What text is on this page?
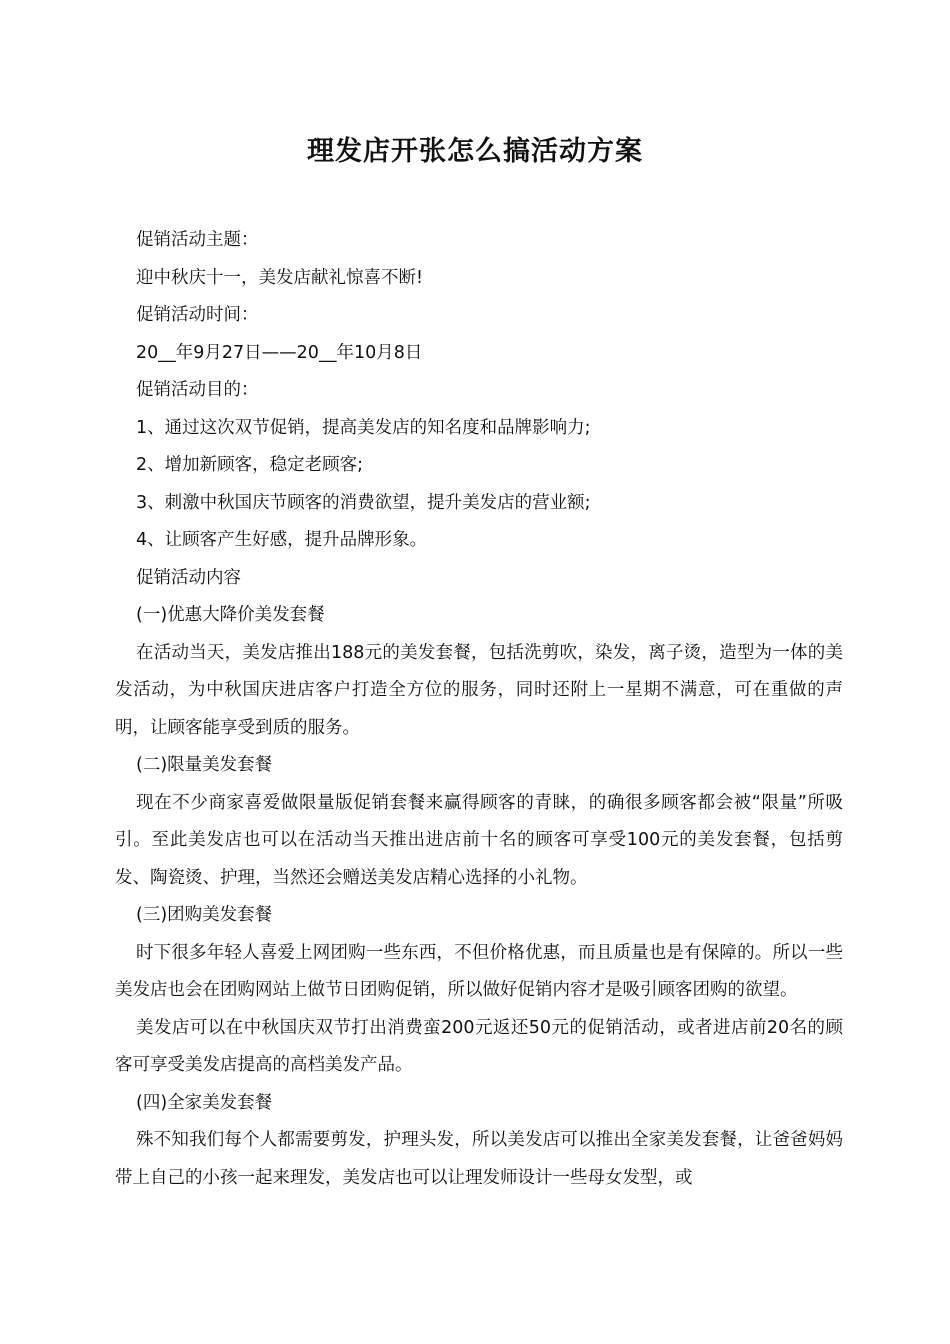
理发店开张怎么搞活动方案

促销活动主题：

迎中秋庆十一，美发店献礼惊喜不断!

促销活动时间：

20__年9月27日——20__年10月8日

促销活动目的：

1、通过这次双节促销，提高美发店的知名度和品牌影响力;

2、增加新顾客，稳定老顾客;

3、刺激中秋国庆节顾客的消费欲望，提升美发店的营业额;

4、让顾客产生好感，提升品牌形象。

促销活动内容

(一)优惠大降价美发套餐

在活动当天，美发店推出188元的美发套餐，包括洗剪吹，染发，离子烫，造型为一体的美发活动，为中秋国庆进店客户打造全方位的服务，同时还附上一星期不满意，可在重做的声明，让顾客能享受到质的服务。

(二)限量美发套餐

现在不少商家喜爱做限量版促销套餐来赢得顾客的青睐，的确很多顾客都会被“限量”所吸引。至此美发店也可以在活动当天推出进店前十名的顾客可享受100元的美发套餐，包括剪发、陶瓷烫、护理，当然还会赠送美发店精心选择的小礼物。

(三)团购美发套餐

时下很多年轻人喜爱上网团购一些东西，不但价格优惠，而且质量也是有保障的。所以一些美发店也会在团购网站上做节日团购促销，所以做好促销内容才是吸引顾客团购的欲望。

美发店可以在中秋国庆双节打出消费蛮200元返还50元的促销活动，或者进店前20名的顾客可享受美发店提高的高档美发产品。

(四)全家美发套餐

殊不知我们每个人都需要剪发，护理头发，所以美发店可以推出全家美发套餐，让爸爸妈妈带上自己的小孩一起来理发，美发店也可以让理发师设计一些母女发型，或
